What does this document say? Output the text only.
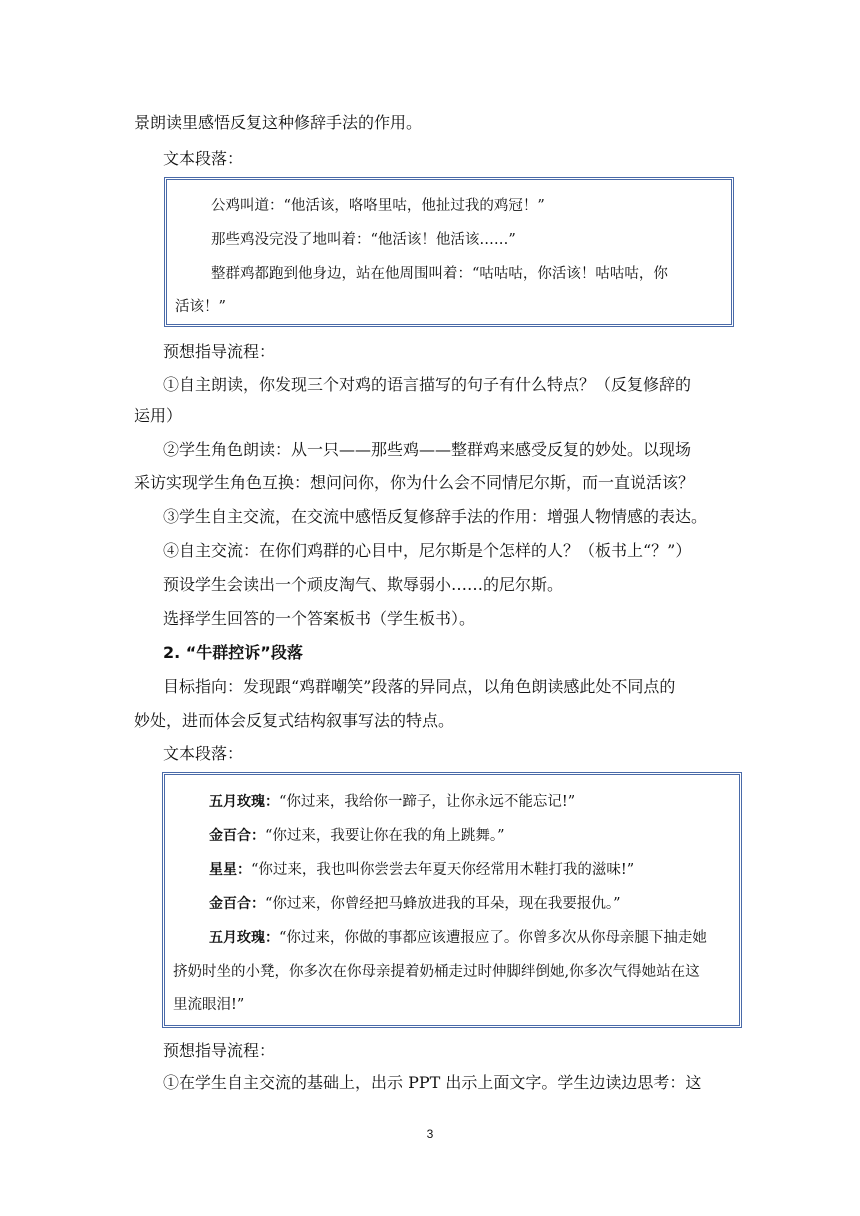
景朗读里感悟反复这种修辞手法的作用。
文本段落：
公鸡叫道：“他活该，咯咯里咕，他扯过我的鸡冠！”
那些鸡没完没了地叫着：“他活该！他活该……”
整群鸡都跑到他身边，站在他周围叫着：“咕咕咕，你活该！咕咕咕，你
活该！”
预想指导流程：
①自主朗读，你发现三个对鸡的语言描写的句子有什么特点？（反复修辞的
运用）
②学生角色朗读：从一只——那些鸡——整群鸡来感受反复的妙处。以现场
采访实现学生角色互换：想问问你，你为什么会不同情尼尔斯，而一直说活该？
③学生自主交流，在交流中感悟反复修辞手法的作用：增强人物情感的表达。
④自主交流：在你们鸡群的心目中，尼尔斯是个怎样的人？（板书上“？”）
预设学生会读出一个顽皮淘气、欺辱弱小……的尼尔斯。
选择学生回答的一个答案板书（学生板书）。
2. “牛群控诉”段落
目标指向：发现跟“鸡群嘲笑”段落的异同点，以角色朗读感此处不同点的
妙处，进而体会反复式结构叙事写法的特点。
文本段落：
五月玫瑰：“你过来，我给你一蹄子，让你永远不能忘记!”
金百合：“你过来，我要让你在我的角上跳舞。”
星星：“你过来，我也叫你尝尝去年夏天你经常用木鞋打我的滋味!”
金百合：“你过来，你曾经把马蜂放进我的耳朵，现在我要报仇。”
五月玫瑰：“你过来，你做的事都应该遭报应了。你曾多次从你母亲腿下抽走她
挤奶时坐的小凳，你多次在你母亲提着奶桶走过时伸脚绊倒她,你多次气得她站在这
里流眼泪!”
预想指导流程：
①在学生自主交流的基础上，出示 PPT 出示上面文字。学生边读边思考：这
3
